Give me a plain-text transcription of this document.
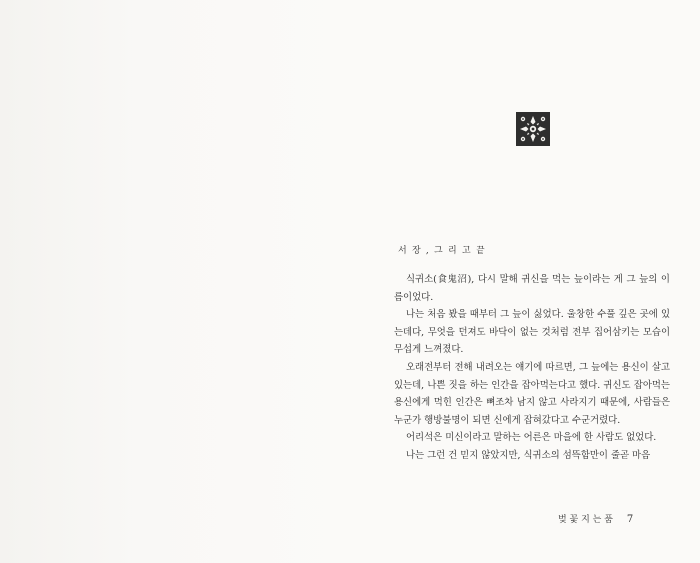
서 장 , 그 리 고 끝

식귀소(食鬼沼), 다시 말해 귀신을 먹는 늪이라는 게 그 늪의 이름이었다.

나는 처음 봤을 때부터 그 늪이 싫었다. 울창한 수풀 깊은 곳에 있는데다, 무엇을 던져도 바닥이 없는 것처럼 전부 집어삼키는 모습이 무섭게 느껴졌다.

오래전부터 전해 내려오는 얘기에 따르면, 그 늪에는 용신이 살고 있는데, 나쁜 짓을 하는 인간을 잡아먹는다고 했다. 귀신도 잡아먹는 용신에게 먹힌 인간은 뼈조차 남지 않고 사라지기 때문에, 사람들은 누군가 행방불명이 되면 신에게 잡혀갔다고 수군거렸다.

어리석은 미신이라고 말하는 어른은 마을에 한 사람도 없었다.

나는 그런 건 믿지 않았지만, 식귀소의 섬뜩함만이 줄곧 마음

벚 꽃 지 는 품 7
